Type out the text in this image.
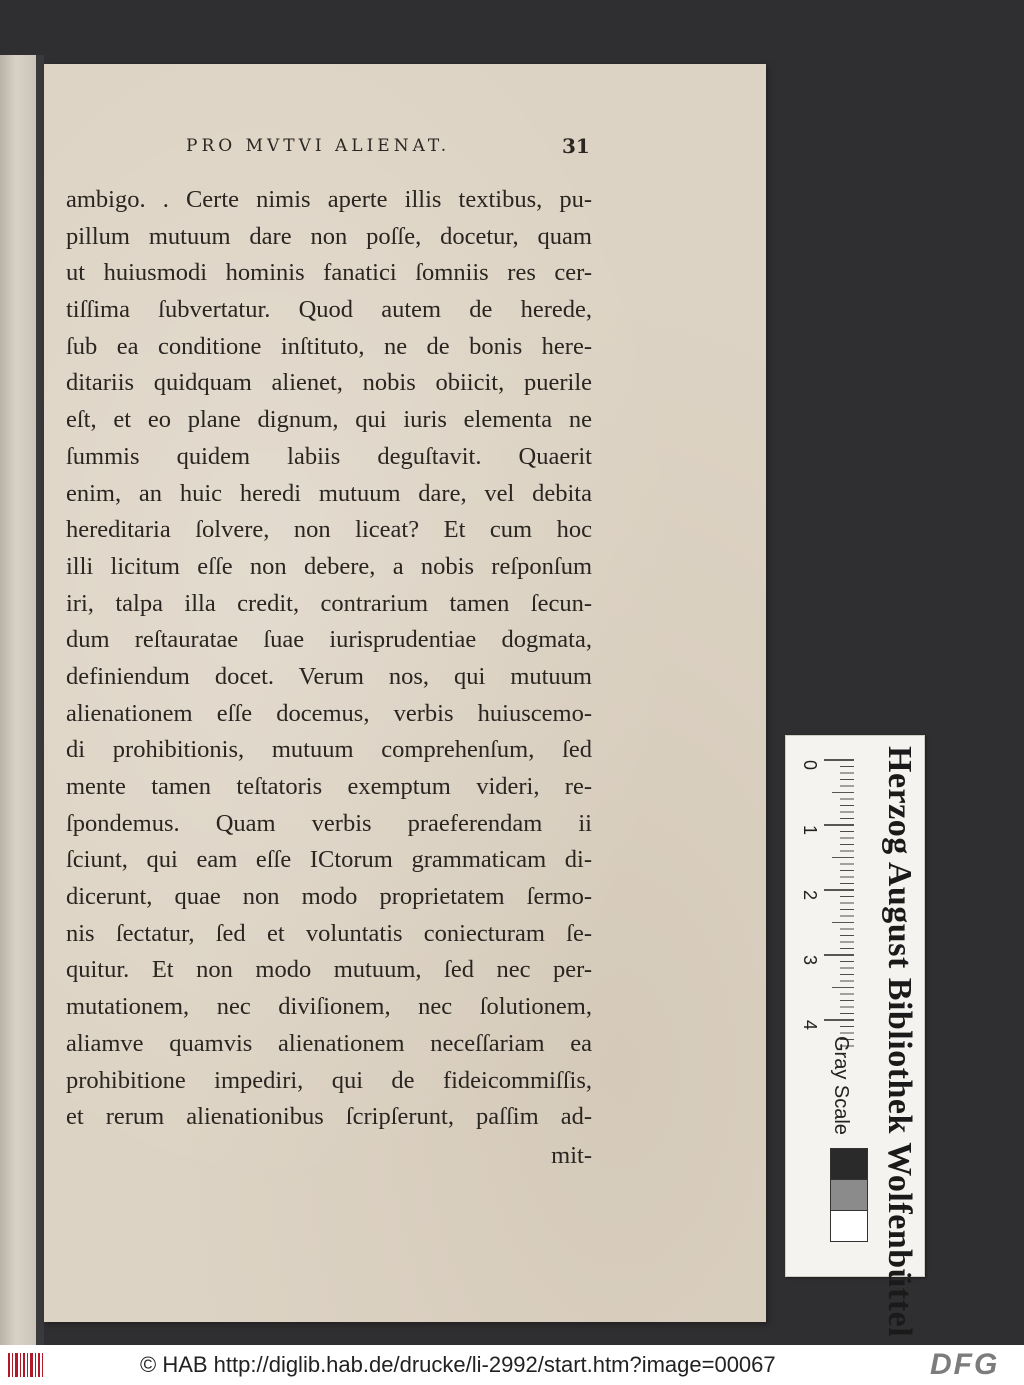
PRO MVTVI ALIENAT.	31
ambigo. . Certe nimis aperte illis textibus, pu-
pillum mutuum dare non poſſe, docetur, quam
ut huiusmodi hominis fanatici ſomniis res cer-
tiſſima ſubvertatur. Quod autem de herede,
ſub ea conditione inſtituto, ne de bonis here-
ditariis quidquam alienet, nobis obiicit, puerile
eſt, et eo plane dignum, qui iuris elementa ne
ſummis quidem labiis deguſtavit. Quaerit
enim, an huic heredi mutuum dare, vel debita
hereditaria ſolvere, non liceat? Et cum hoc
illi licitum eſſe non debere, a nobis reſponſum
iri, talpa illa credit, contrarium tamen ſecun-
dum reſtauratae ſuae iurisprudentiae dogmata,
definiendum docet. Verum nos, qui mutuum
alienationem eſſe docemus, verbis huiuscemo-
di prohibitionis, mutuum comprehenſum, ſed
mente tamen teſtatoris exemptum videri, re-
ſpondemus. Quam verbis praeferendam ii
ſciunt, qui eam eſſe ICtorum grammaticam di-
dicerunt, quae non modo proprietatem ſermo-
nis ſectatur, ſed et voluntatis coniecturam ſe-
quitur. Et non modo mutuum, ſed nec per-
mutationem, nec diviſionem, nec ſolutionem,
aliamve quamvis alienationem neceſſariam ea
prohibitione impediri, qui de fideicommiſſis,
et rerum alienationibus ſcripſerunt, paſſim ad-
mit-
0
1
2
3
4 Herzog August Bibliothek Wolfenbüttel
Gray Scale
© HAB http://diglib.hab.de/drucke/li-2992/start.htm?image=00067	DFG
